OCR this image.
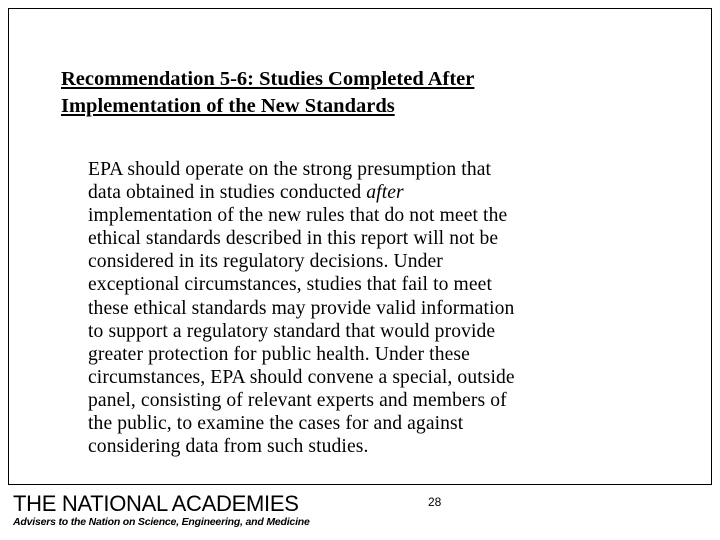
Recommendation 5-6: Studies Completed After
Implementation of the New Standards
EPA should operate on the strong presumption that
data obtained in studies conducted after
implementation of the new rules that do not meet the
ethical standards described in this report will not be
considered in its regulatory decisions. Under
exceptional circumstances, studies that fail to meet
these ethical standards may provide valid information
to support a regulatory standard that would provide
greater protection for public health. Under these
circumstances, EPA should convene a special, outside
panel, consisting of relevant experts and members of
the public, to examine the cases for and against
considering data from such studies.
THE NATIONAL ACADEMIES
Advisers to the Nation on Science, Engineering, and Medicine
28
